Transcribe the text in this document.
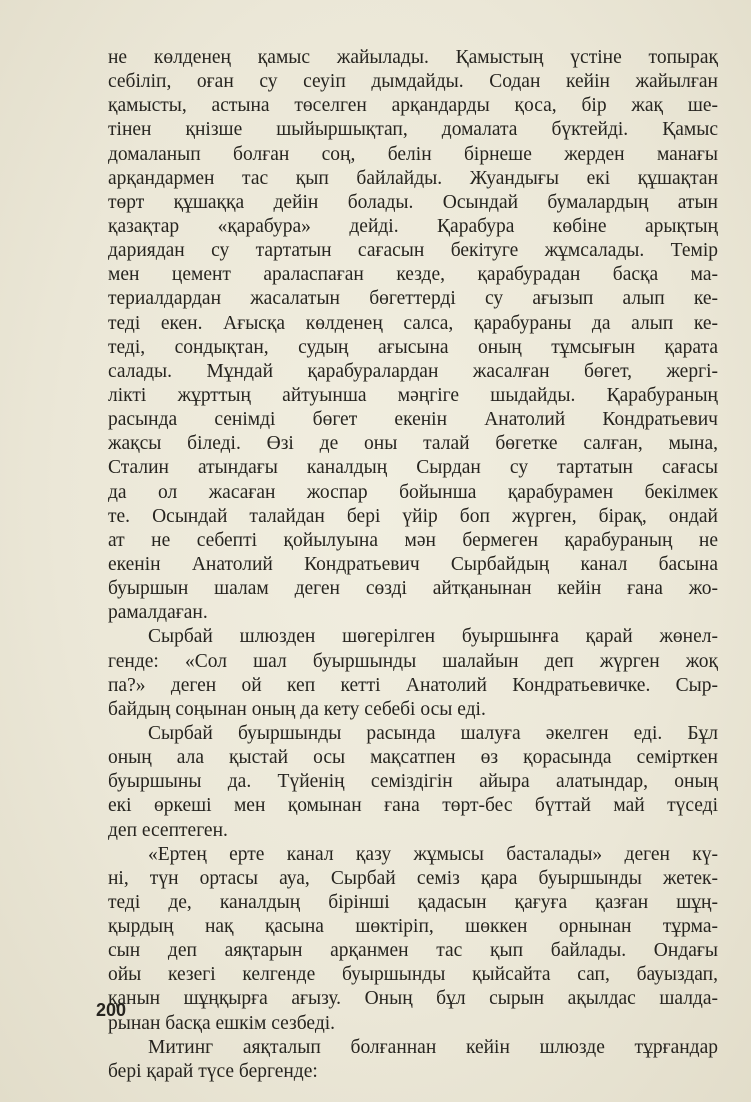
не көлденең қамыс жайылады. Қамыстың үстіне топырақ
себіліп, оған су сеуіп дымдайды. Содан кейін жайылған
қамысты, астына төселген арқандарды қоса, бір жақ ше-
тінен қнізше шыйыршықтап, домалата бүктейді. Қамыс
домаланып болған соң, белін бірнеше жерден манағы
арқандармен тас қып байлайды. Жуандығы екі құшақтан
төрт құшаққа дейін болады. Осындай бумалардың атын
қазақтар «қарабура» дейді. Қарабура көбіне арықтың
дариядан су тартатын сағасын бекітуге жұмсалады. Темір
мен цемент араласпаған кезде, қарабурадан басқа ма-
териалдардан жасалатын бөгеттерді су ағызып алып ке-
теді екен. Ағысқа көлденең салса, қарабураны да алып ке-
теді, сондықтан, судың ағысына оның тұмсығын қарата
салады. Мұндай қарабуралардан жасалған бөгет, жергі-
лікті жұрттың айтуынша мәңгіге шыдайды. Қарабураның
расында сенімді бөгет екенін Анатолий Кондратьевич
жақсы біледі. Өзі де оны талай бөгетке салған, мына,
Сталин атындағы каналдың Сырдан су тартатын сағасы
да ол жасаған жоспар бойынша қарабурамен бекілмек
те. Осындай талайдан бері үйір боп жүрген, бірақ, ондай
ат не себепті қойылуына мән бермеген қарабураның не
екенін Анатолий Кондратьевич Сырбайдың канал басына
буыршын шалам деген сөзді айтқанынан кейін ғана жо-
рамалдаған.
Сырбай шлюзден шөгерілген буыршынға қарай жөнел-
генде: «Сол шал буыршынды шалайын деп жүрген жоқ
па?» деген ой кеп кетті Анатолий Кондратьевичке. Сыр-
байдың соңынан оның да кету себебі осы еді.
Сырбай буыршынды расында шалуға әкелген еді. Бұл
оның ала қыстай осы мақсатпен өз қорасында семірткен
буыршыны да. Түйенің семіздігін айыра алатындар, оның
екі өркеші мен қомынан ғана төрт-бес бүттай май түседі
деп есептеген.
«Ертең ерте канал қазу жұмысы басталады» деген кү-
ні, түн ортасы ауа, Сырбай семіз қара буыршынды жетек-
теді де, каналдың бірінші қадасын қағуға қазған шұң-
қырдың нақ қасына шөктіріп, шөккен орнынан тұрма-
сын деп аяқтарын арқанмен тас қып байлады. Ондағы
ойы кезегі келгенде буыршынды қыйсайта сап, бауыздап,
қанын шұңқырға ағызу. Оның бұл сырын ақылдас шалда-
рынан басқа ешкім сезбеді.
Митинг аяқталып болғаннан кейін шлюзде тұрғандар
бері қарай түсе бергенде:
200
